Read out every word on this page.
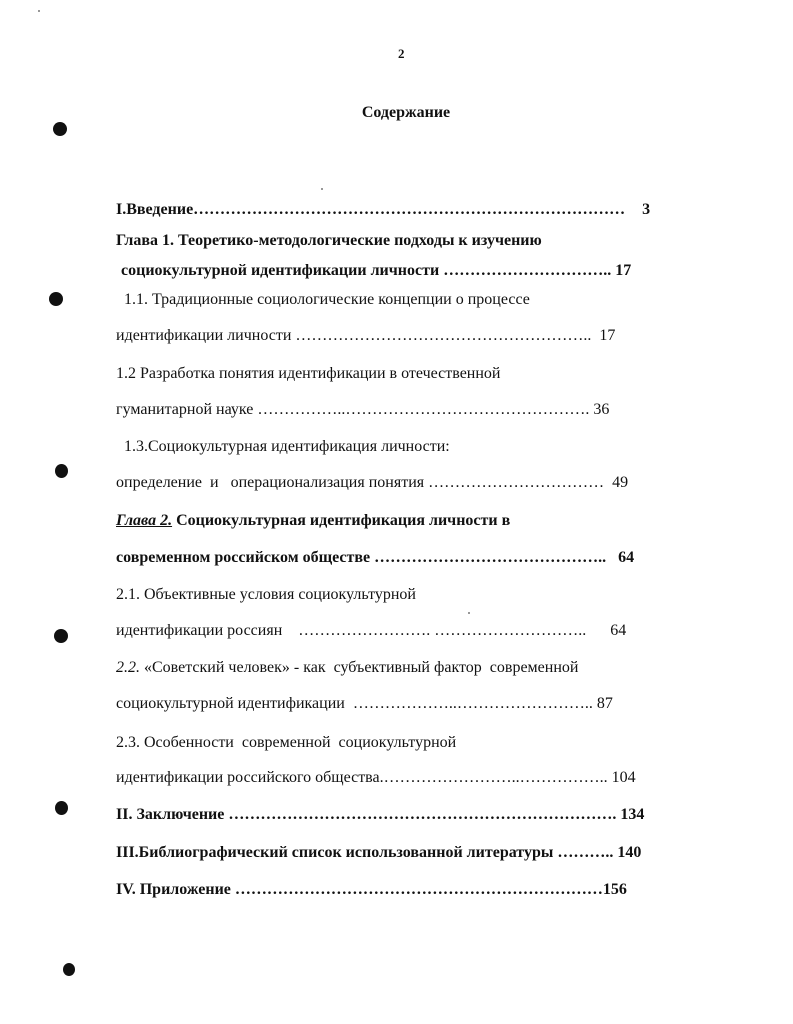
2
Содержание
I.Введение……………………………………………………………………… 3
Глава 1. Теоретико-методологические подходы к изучению
социокультурной идентификации личности ………………………….. 17
1.1. Традиционные социологические концепции о процессе
идентификации личности ………………………………………………..  17
1.2 Разработка понятия идентификации в отечественной
гуманитарной науке ……………..………………………………………. 36
1.3.Социокультурная идентификация личности:
определение  и   операционализация понятия ……………………………  49
Глава 2. Социокультурная идентификация личности в
современном российском обществе ……………………………………..   64
2.1. Объективные условия социокультурной
идентификации россиян    ……………………. ………………………..      64
2.2. «Советский человек» - как  субъективный фактор  современной
социокультурной идентификации  ………………..…………………….. 87
2.3. Особенности  современной  социокультурной
идентификации российского общества.……………………..…………….. 104
II. Заключение ………………………………………………………………. 134
III.Библиографический список использованной литературы ……….. 140
IV. Приложение ……………………………………………………………156
